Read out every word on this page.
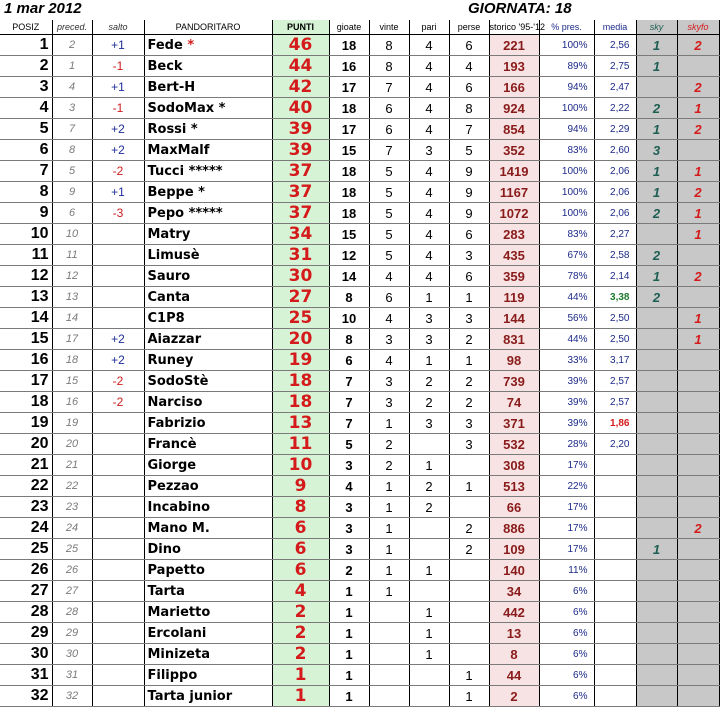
1 mar 2012	GIORNATA: 18
POSIZ	preced.	salto	PANDORITARO	PUNTI	gioate	vinte	pari	perse	storico '95-'12	% pres.	media	sky	skyfo
1	2	+1	Fede *	46	18	8	4	6	221	100%	2,56	1	2
2	1	-1	Beck	44	16	8	4	4	193	89%	2,75	1	
3	4	+1	Bert-H	42	17	7	4	6	166	94%	2,47		2
4	3	-1	SodoMax *	40	18	6	4	8	924	100%	2,22	2	1
5	7	+2	Rossi *	39	17	6	4	7	854	94%	2,29	1	2
6	8	+2	MaxMalf	39	15	7	3	5	352	83%	2,60	3	
7	5	-2	Tucci *****	37	18	5	4	9	1419	100%	2,06	1	1
8	9	+1	Beppe *	37	18	5	4	9	1167	100%	2,06	1	2
9	6	-3	Pepo *****	37	18	5	4	9	1072	100%	2,06	2	1
10	10		Matry	34	15	5	4	6	283	83%	2,27		1
11	11		Limusè	31	12	5	4	3	435	67%	2,58	2	
12	12		Sauro	30	14	4	4	6	359	78%	2,14	1	2
13	13		Canta	27	8	6	1	1	119	44%	3,38	2	
14	14		C1P8	25	10	4	3	3	144	56%	2,50		1
15	17	+2	Aiazzar	20	8	3	3	2	831	44%	2,50		1
16	18	+2	Runey	19	6	4	1	1	98	33%	3,17		
17	15	-2	SodoStè	18	7	3	2	2	739	39%	2,57		
18	16	-2	Narciso	18	7	3	2	2	74	39%	2,57		
19	19		Fabrizio	13	7	1	3	3	371	39%	1,86		
20	20		Francè	11	5	2		3	532	28%	2,20		
21	21		Giorge	10	3	2	1		308	17%			
22	22		Pezzao	9	4	1	2	1	513	22%			
23	23		Incabino	8	3	1	2		66	17%			
24	24		Mano M.	6	3	1		2	886	17%			2
25	25		Dino	6	3	1		2	109	17%		1	
26	26		Papetto	6	2	1	1		140	11%			
27	27		Tarta	4	1	1			34	6%			
28	28		Marietto	2	1		1		442	6%			
29	29		Ercolani	2	1		1		13	6%			
30	30		Minizeta	2	1		1		8	6%			
31	31		Filippo	1	1			1	44	6%			
32	32		Tarta junior	1	1			1	2	6%			
